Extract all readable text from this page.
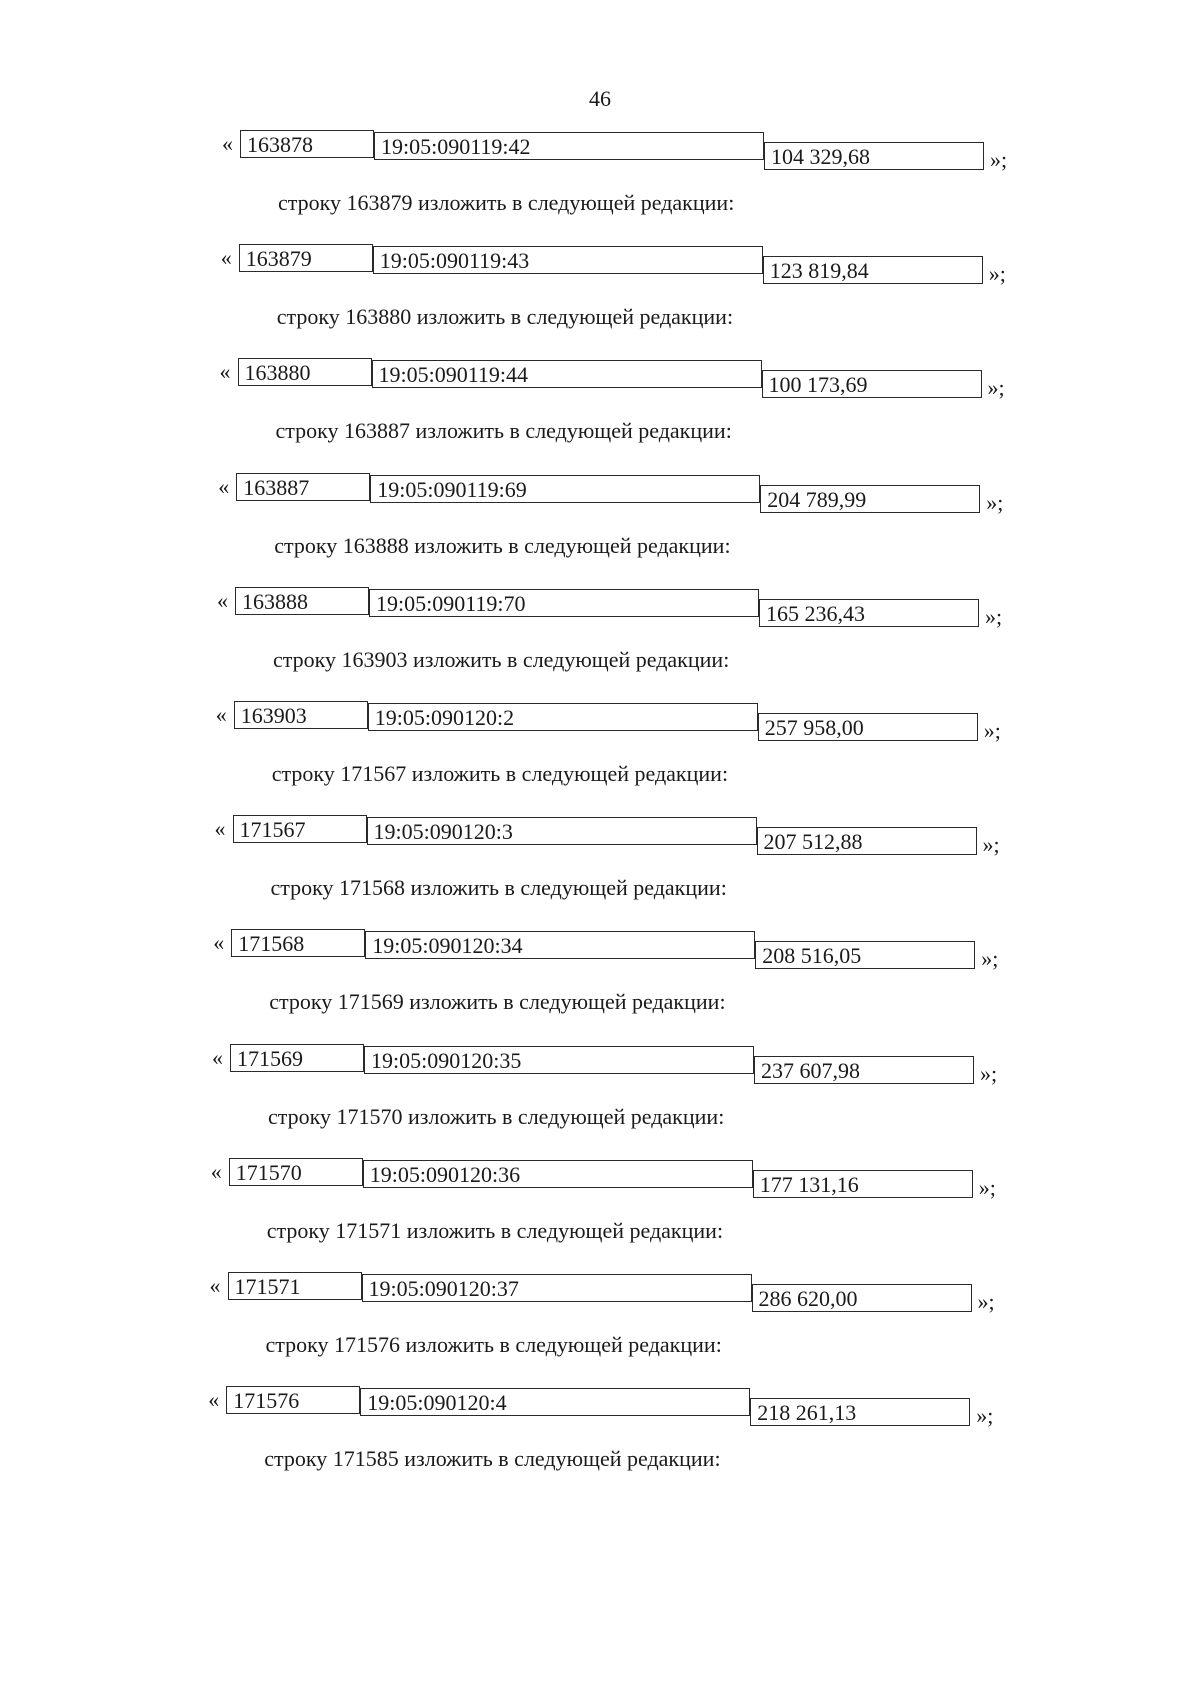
46
« 163878	19:05:090119:42	104 329,68	»;
строку 163879 изложить в следующей редакции:
« 163879	19:05:090119:43	123 819,84	»;
строку 163880 изложить в следующей редакции:
« 163880	19:05:090119:44	100 173,69	»;
строку 163887 изложить в следующей редакции:
« 163887	19:05:090119:69	204 789,99	»;
строку 163888 изложить в следующей редакции:
« 163888	19:05:090119:70	165 236,43	»;
строку 163903 изложить в следующей редакции:
« 163903	19:05:090120:2	257 958,00	»;
строку 171567 изложить в следующей редакции:
« 171567	19:05:090120:3	207 512,88	»;
строку 171568 изложить в следующей редакции:
« 171568	19:05:090120:34	208 516,05	»;
строку 171569 изложить в следующей редакции:
« 171569	19:05:090120:35	237 607,98	»;
строку 171570 изложить в следующей редакции:
« 171570	19:05:090120:36	177 131,16	»;
строку 171571 изложить в следующей редакции:
« 171571	19:05:090120:37	286 620,00	»;
строку 171576 изложить в следующей редакции:
« 171576	19:05:090120:4	218 261,13	»;
строку 171585 изложить в следующей редакции:
